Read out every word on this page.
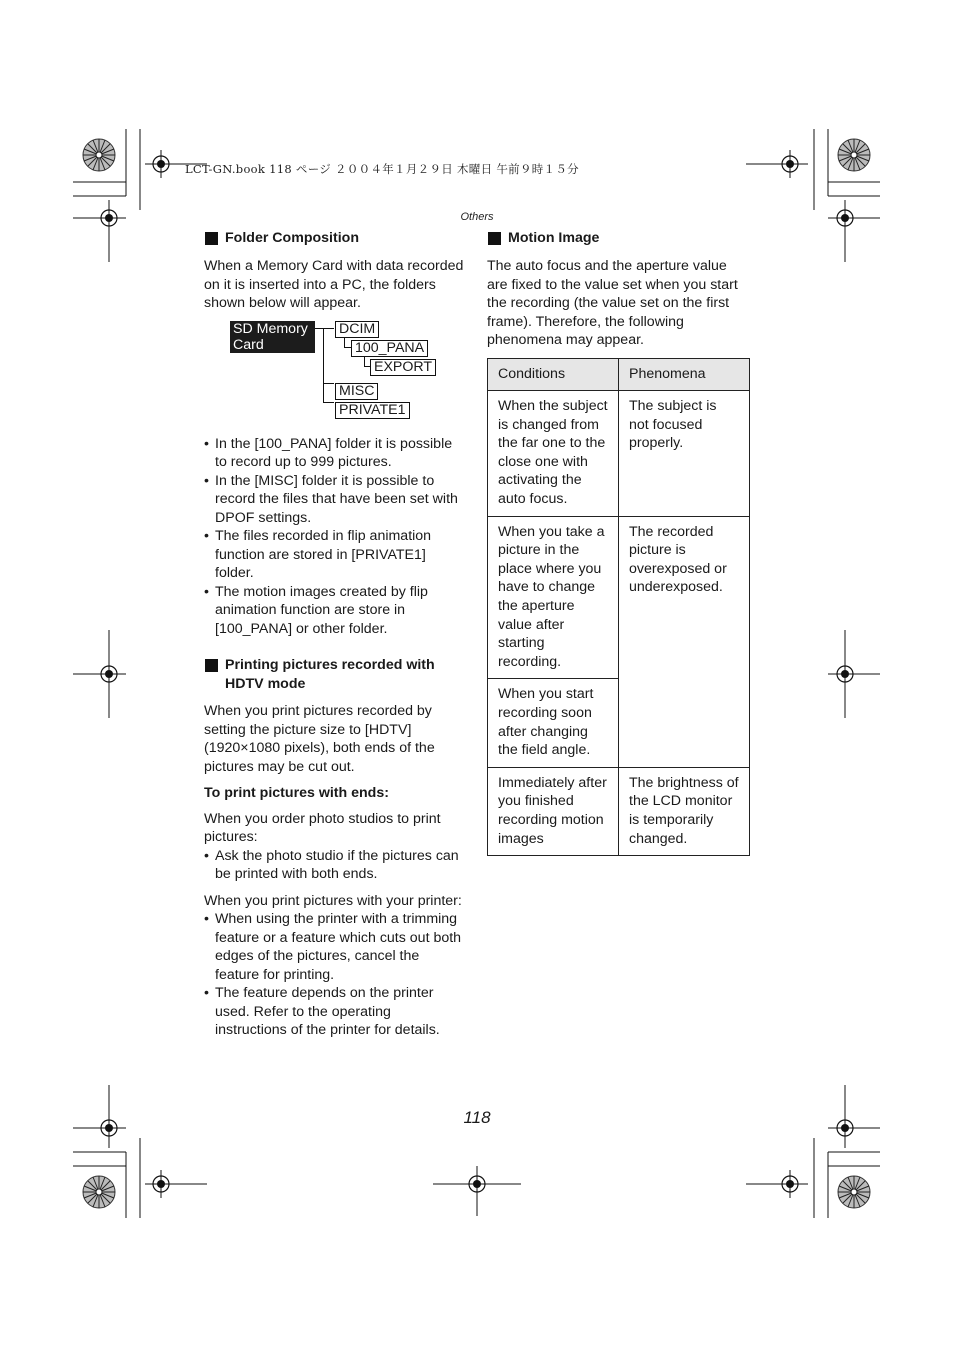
LCT-GN.book 118 ページ ２００４年１月２９日 木曜日 午前９時１５分
Others
Folder Composition

When a Memory Card with data recorded on it is inserted into a PC, the folders shown below will appear.

SD Memory Card
DCIM
100_PANA
EXPORT
MISC
PRIVATE1
• In the [100_PANA] folder it is possible to record up to 999 pictures.
• In the [MISC] folder it is possible to record the files that have been set with DPOF settings.
• The files recorded in flip animation function are stored in [PRIVATE1] folder.
• The motion images created by flip animation function are store in [100_PANA] or other folder.
Printing pictures recorded with
HDTV mode

When you print pictures recorded by setting the picture size to [HDTV] (1920×1080 pixels), both ends of the pictures may be cut out.

To print pictures with ends:

When you order photo studios to print pictures:

• Ask the photo studio if the pictures can be printed with both ends.

When you print pictures with your printer:

• When using the printer with a trimming feature or a feature which cuts out both edges of the pictures, cancel the feature for printing.
• The feature depends on the printer used. Refer to the operating instructions of the printer for details.
Motion Image

The auto focus and the aperture value are fixed to the value set when you start the recording (the value set on the first frame). Therefore, the following phenomena may appear.

Conditions	Phenomena
When the subject is changed from the far one to the close one with activating the auto focus.	The subject is not focused properly.
When you take a picture in the place where you have to change the aperture value after starting recording.	The recorded picture is overexposed or underexposed.
When you start recording soon after changing the field angle.	
Immediately after you finished recording motion images	The brightness of the LCD monitor is temporarily changed.
118
